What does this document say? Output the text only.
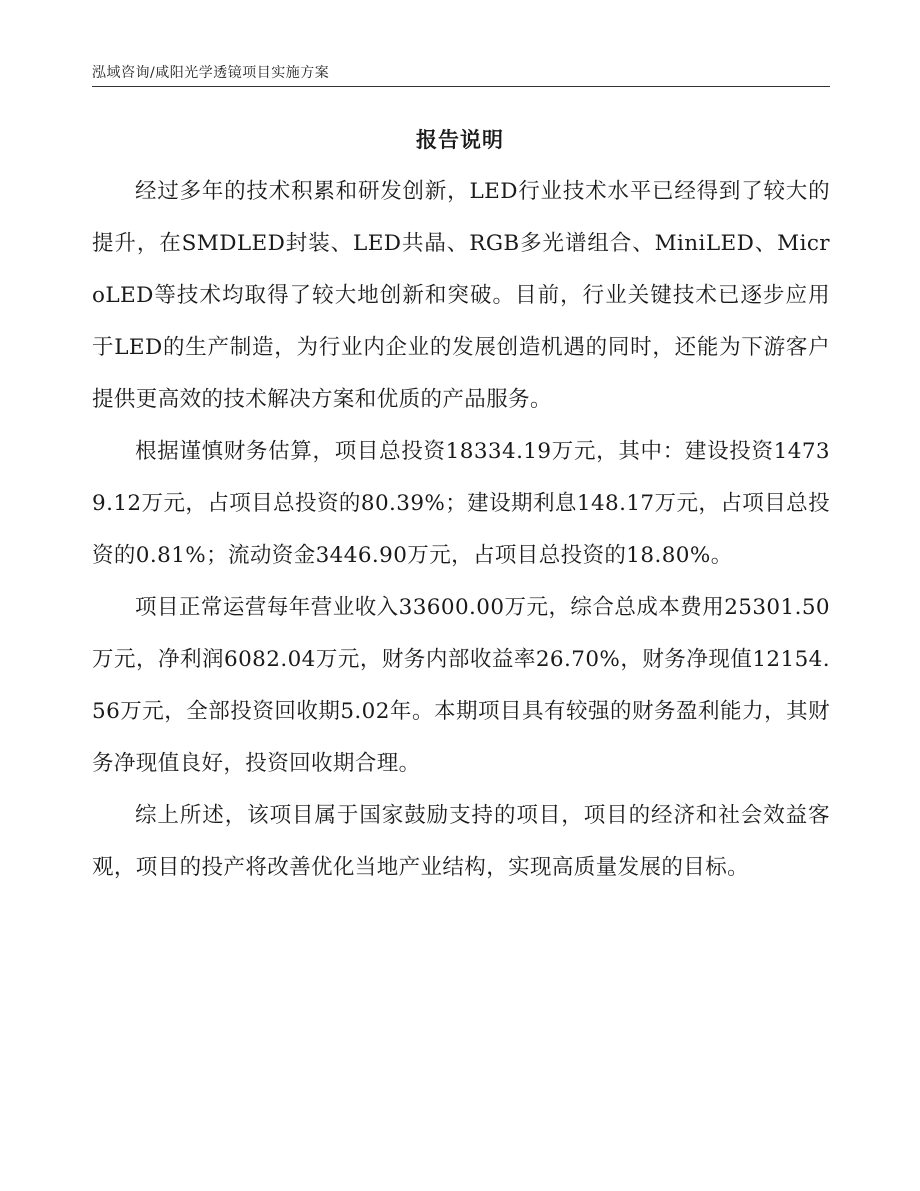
泓域咨询/咸阳光学透镜项目实施方案
报告说明

经过多年的技术积累和研发创新，LED行业技术水平已经得到了较大的提升，在SMDLED封装、LED共晶、RGB多光谱组合、MiniLED、MicroLED等技术均取得了较大地创新和突破。目前，行业关键技术已逐步应用于LED的生产制造，为行业内企业的发展创造机遇的同时，还能为下游客户提供更高效的技术解决方案和优质的产品服务。

根据谨慎财务估算，项目总投资18334.19万元，其中：建设投资14739.12万元，占项目总投资的80.39%；建设期利息148.17万元，占项目总投资的0.81%；流动资金3446.90万元，占项目总投资的18.80%。

项目正常运营每年营业收入33600.00万元，综合总成本费用25301.50万元，净利润6082.04万元，财务内部收益率26.70%，财务净现值12154.56万元，全部投资回收期5.02年。本期项目具有较强的财务盈利能力，其财务净现值良好，投资回收期合理。

综上所述，该项目属于国家鼓励支持的项目，项目的经济和社会效益客观，项目的投产将改善优化当地产业结构，实现高质量发展的目标。
